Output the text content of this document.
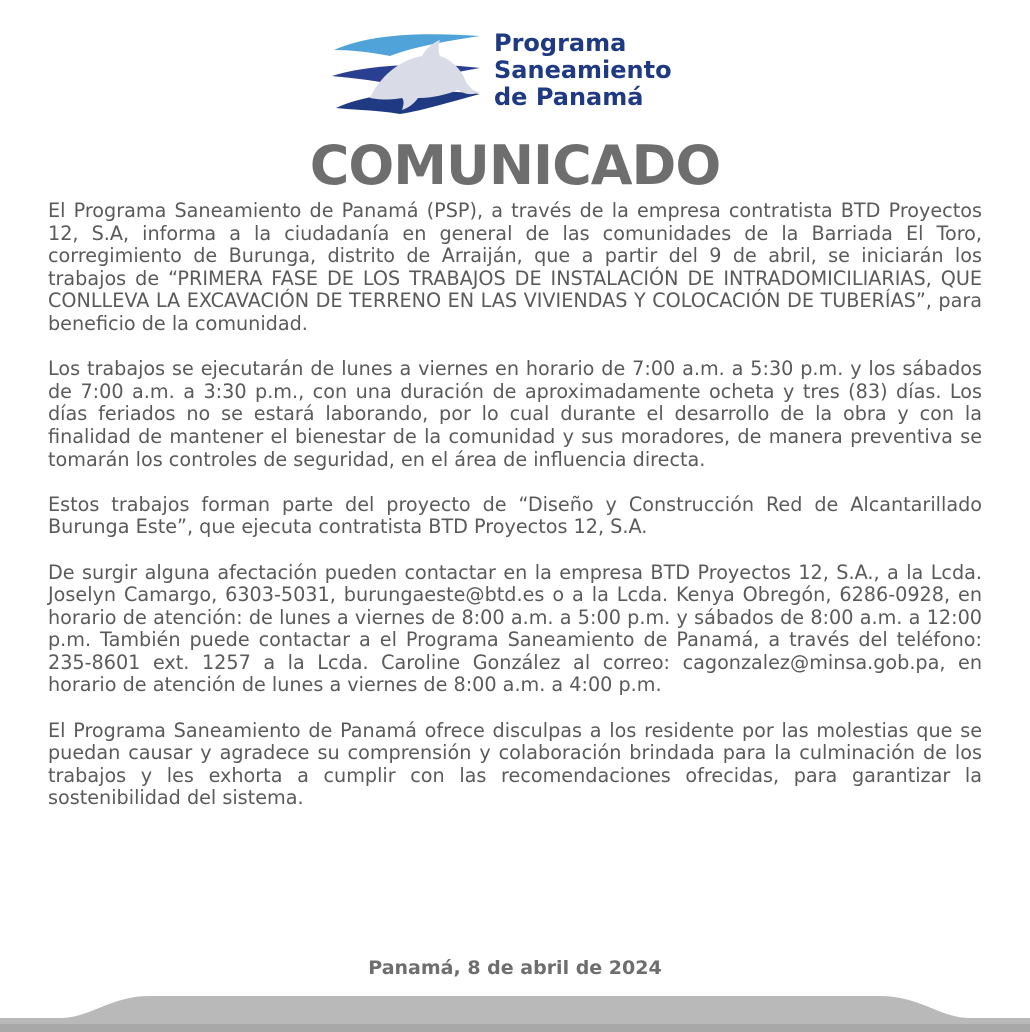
Programa
Saneamiento
de Panamá
COMUNICADO

El Programa Saneamiento de Panamá (PSP), a través de la empresa contratista BTD Proyectos 12, S.A, informa a la ciudadanía en general de las comunidades de la Barriada El Toro, corregimiento de Burunga, distrito de Arraiján, que a partir del 9 de abril, se iniciarán los trabajos de “PRIMERA FASE DE LOS TRABAJOS DE INSTALACIÓN DE INTRADOMICILIARIAS, QUE CONLLEVA LA EXCAVACIÓN DE TERRENO EN LAS VIVIENDAS Y COLOCACIÓN DE TUBERÍAS”, para beneficio de la comunidad.

Los trabajos se ejecutarán de lunes a viernes en horario de 7:00 a.m. a 5:30 p.m. y los sábados de 7:00 a.m. a 3:30 p.m., con una duración de aproximadamente ocheta y tres (83) días. Los días feriados no se estará laborando, por lo cual durante el desarrollo de la obra y con la finalidad de mantener el bienestar de la comunidad y sus moradores, de manera preventiva se tomarán los controles de seguridad, en el área de influencia directa.

Estos trabajos forman parte del proyecto de “Diseño y Construcción Red de Alcantarillado Burunga Este”, que ejecuta contratista BTD Proyectos 12, S.A.

De surgir alguna afectación pueden contactar en la empresa BTD Proyectos 12, S.A., a la Lcda. Joselyn Camargo, 6303-5031, burungaeste@btd.es o a la Lcda. Kenya Obregón, 6286-0928, en horario de atención: de lunes a viernes de 8:00 a.m. a 5:00 p.m. y sábados de 8:00 a.m. a 12:00 p.m. También puede contactar a el Programa Saneamiento de Panamá, a través del teléfono: 235-8601 ext. 1257 a la Lcda. Caroline González al correo: cagonzalez@minsa.gob.pa, en horario de atención de lunes a viernes de 8:00 a.m. a 4:00 p.m.

El Programa Saneamiento de Panamá ofrece disculpas a los residente por las molestias que se puedan causar y agradece su comprensión y colaboración brindada para la culminación de los trabajos y les exhorta a cumplir con las recomendaciones ofrecidas, para garantizar la sostenibilidad del sistema.

Panamá, 8 de abril de 2024
